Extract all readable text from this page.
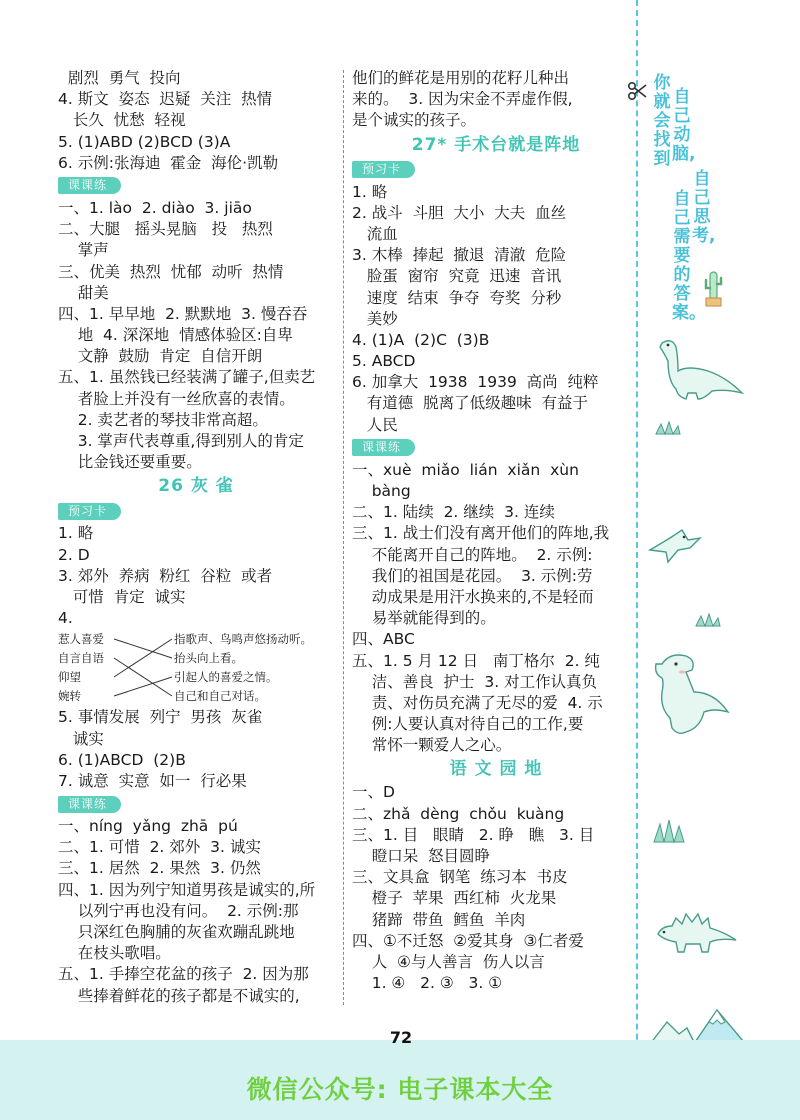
剧烈  勇气  投向
4. 斯文  姿态  迟疑  关注  热情
长久  忧愁  轻视
5. (1)ABD (2)BCD (3)A
6. 示例:张海迪  霍金  海伦·凯勒
课课练
一、1. lào  2. diào  3. jiāo
二、大腿   摇头晃脑   投   热烈
掌声
三、优美  热烈  忧郁  动听  热情
甜美
四、1. 早早地  2. 默默地  3. 慢吞吞
地  4. 深深地  情感体验区:自卑
文静  鼓励  肯定  自信开朗
五、1. 虽然钱已经装满了罐子,但卖艺
者脸上并没有一丝欣喜的表情。
2. 卖艺者的琴技非常高超。
3. 掌声代表尊重,得到别人的肯定
比金钱还要重要。
26 灰 雀
预习卡
1. 略
2. D
3. 郊外  养病  粉红  谷粒  或者
可惜  肯定  诚实
4.
惹人喜爱
自言自语
仰望
婉转
指歌声、鸟鸣声悠扬动听。
抬头向上看。
引起人的喜爱之情。
自己和自己对话。
5. 事情发展  列宁  男孩  灰雀
诚实
6. (1)ABCD  (2)B
7. 诚意  实意  如一  行必果
课课练
一、níng  yǎng  zhā  pú
二、1. 可惜  2. 郊外  3. 诚实
三、1. 居然  2. 果然  3. 仍然
四、1. 因为列宁知道男孩是诚实的,所
以列宁再也没有问。  2. 示例:那
只深红色胸脯的灰雀欢蹦乱跳地
在枝头歌唱。
五、1. 手捧空花盆的孩子  2. 因为那
些捧着鲜花的孩子都是不诚实的,
他们的鲜花是用别的花籽儿种出
来的。  3. 因为宋金不弄虚作假,
是个诚实的孩子。
27* 手术台就是阵地
预习卡
1. 略
2. 战斗  斗胆  大小  大夫  血丝
流血
3. 木棒  捧起  撤退  清澈  危险
脸蛋  窗帘  究竟  迅速  音讯
速度  结束  争夺  夸奖  分秒
美妙
4. (1)A  (2)C  (3)B
5. ABCD
6. 加拿大  1938  1939  高尚  纯粹
有道德  脱离了低级趣味  有益于
人民
课课练
一、xuè  miǎo  lián  xiǎn  xùn
bàng
二、1. 陆续  2. 继续  3. 连续
三、1. 战士们没有离开他们的阵地,我
不能离开自己的阵地。  2. 示例:
我们的祖国是花园。  3. 示例:劳
动成果是用汗水换来的,不是轻而
易举就能得到的。
四、ABC
五、1. 5 月 12 日   南丁格尔  2. 纯
洁、善良  护士  3. 对工作认真负
责、对伤员充满了无尽的爱  4. 示
例:人要认真对待自己的工作,要
常怀一颗爱人之心。
语 文 园 地
一、D
二、zhǎ  dèng  chǒu  kuàng
三、1. 目   眼睛   2. 睁   瞧   3. 目
瞪口呆  怒目圆睁
三、文具盒  钢笔  练习本  书皮
橙子  苹果  西红柿  火龙果
猪蹄  带鱼  鳕鱼  羊肉
四、①不迁怒  ②爱其身  ③仁者爱
人  ④与人善言  伤人以言
1. ④   2. ③   3. ①
你就会找到
自己动脑,
自己需要的答案。
自己思考,
72
微信公众号: 电子课本大全
